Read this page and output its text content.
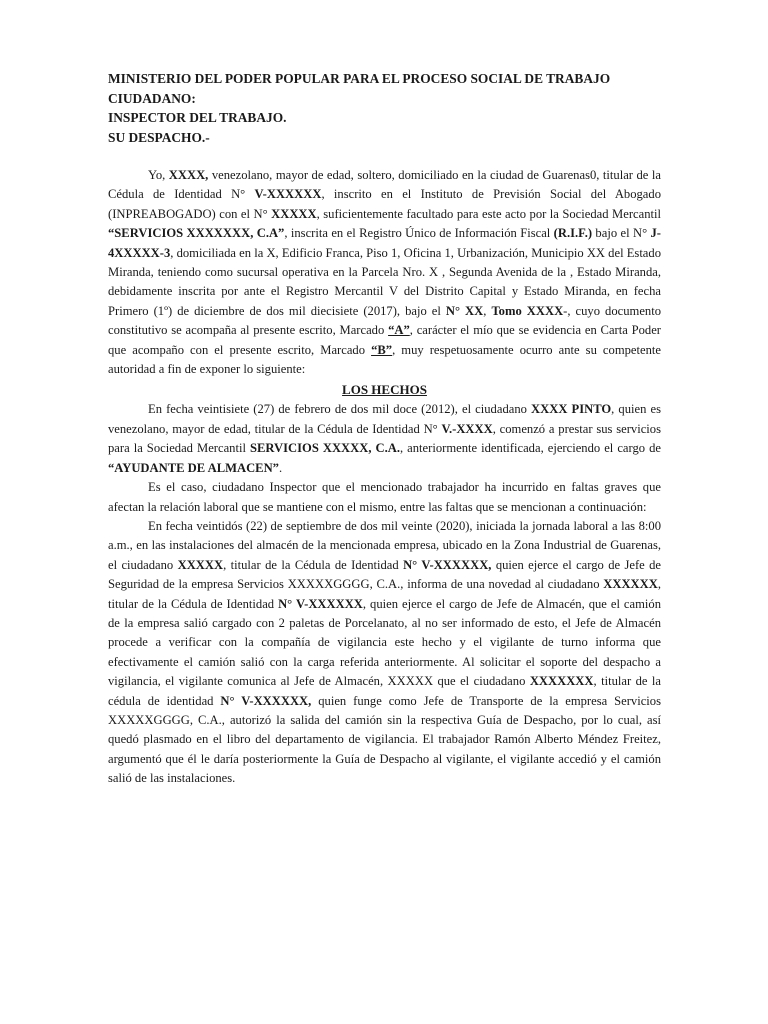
MINISTERIO DEL PODER POPULAR PARA EL PROCESO SOCIAL DE TRABAJO
CIUDADANO:
INSPECTOR DEL TRABAJO.
SU DESPACHO.-

Yo, XXXX, venezolano, mayor de edad, soltero, domiciliado en la ciudad de Guarenas0, titular de la Cédula de Identidad N° V-XXXXXX, inscrito en el Instituto de Previsión Social del Abogado (INPREABOGADO) con el N° XXXXX, suficientemente facultado para este acto por la Sociedad Mercantil “SERVICIOS XXXXXXX, C.A”, inscrita en el Registro Único de Información Fiscal (R.I.F.) bajo el N° J-4XXXXX-3, domiciliada en la X, Edificio Franca, Piso 1, Oficina 1, Urbanización, Municipio XX del Estado Miranda, teniendo como sucursal operativa en la Parcela Nro. X , Segunda Avenida de la , Estado Miranda, debidamente inscrita por ante el Registro Mercantil V del Distrito Capital y Estado Miranda, en fecha Primero (1º) de diciembre de dos mil diecisiete (2017), bajo el N° XX, Tomo XXXX-, cuyo documento constitutivo se acompaña al presente escrito, Marcado “A”, carácter el mío que se evidencia en Carta Poder que acompaño con el presente escrito, Marcado “B”, muy respetuosamente ocurro ante su competente autoridad a fin de exponer lo siguiente:

LOS HECHOS

En fecha veintisiete (27) de febrero de dos mil doce (2012), el ciudadano XXXX PINTO, quien es venezolano, mayor de edad, titular de la Cédula de Identidad N° V.-XXXX, comenzó a prestar sus servicios para la Sociedad Mercantil SERVICIOS XXXXX, C.A., anteriormente identificada, ejerciendo el cargo de “AYUDANTE DE ALMACEN”.

Es el caso, ciudadano Inspector que el mencionado trabajador ha incurrido en faltas graves que afectan la relación laboral que se mantiene con el mismo, entre las faltas que se mencionan a continuación:

En fecha veintidós (22) de septiembre de dos mil veinte (2020), iniciada la jornada laboral a las 8:00 a.m., en las instalaciones del almacén de la mencionada empresa, ubicado en la Zona Industrial de Guarenas, el ciudadano XXXXX, titular de la Cédula de Identidad N° V-XXXXXX, quien ejerce el cargo de Jefe de Seguridad de la empresa Servicios XXXXXGGGG, C.A., informa de una novedad al ciudadano XXXXXX, titular de la Cédula de Identidad N° V-XXXXXX, quien ejerce el cargo de Jefe de Almacén, que el camión de la empresa salió cargado con 2 paletas de Porcelanato, al no ser informado de esto, el Jefe de Almacén procede a verificar con la compañía de vigilancia este hecho y el vigilante de turno informa que efectivamente el camión salió con la carga referida anteriormente. Al solicitar el soporte del despacho a vigilancia, el vigilante comunica al Jefe de Almacén, XXXXX que el ciudadano XXXXXXX, titular de la cédula de identidad N° V-XXXXXX, quien funge como Jefe de Transporte de la empresa Servicios XXXXXGGGG, C.A., autorizó la salida del camión sin la respectiva Guía de Despacho, por lo cual, así quedó plasmado en el libro del departamento de vigilancia. El trabajador Ramón Alberto Méndez Freitez, argumentó que él le daría posteriormente la Guía de Despacho al vigilante, el vigilante accedió y el camión salió de las instalaciones.
